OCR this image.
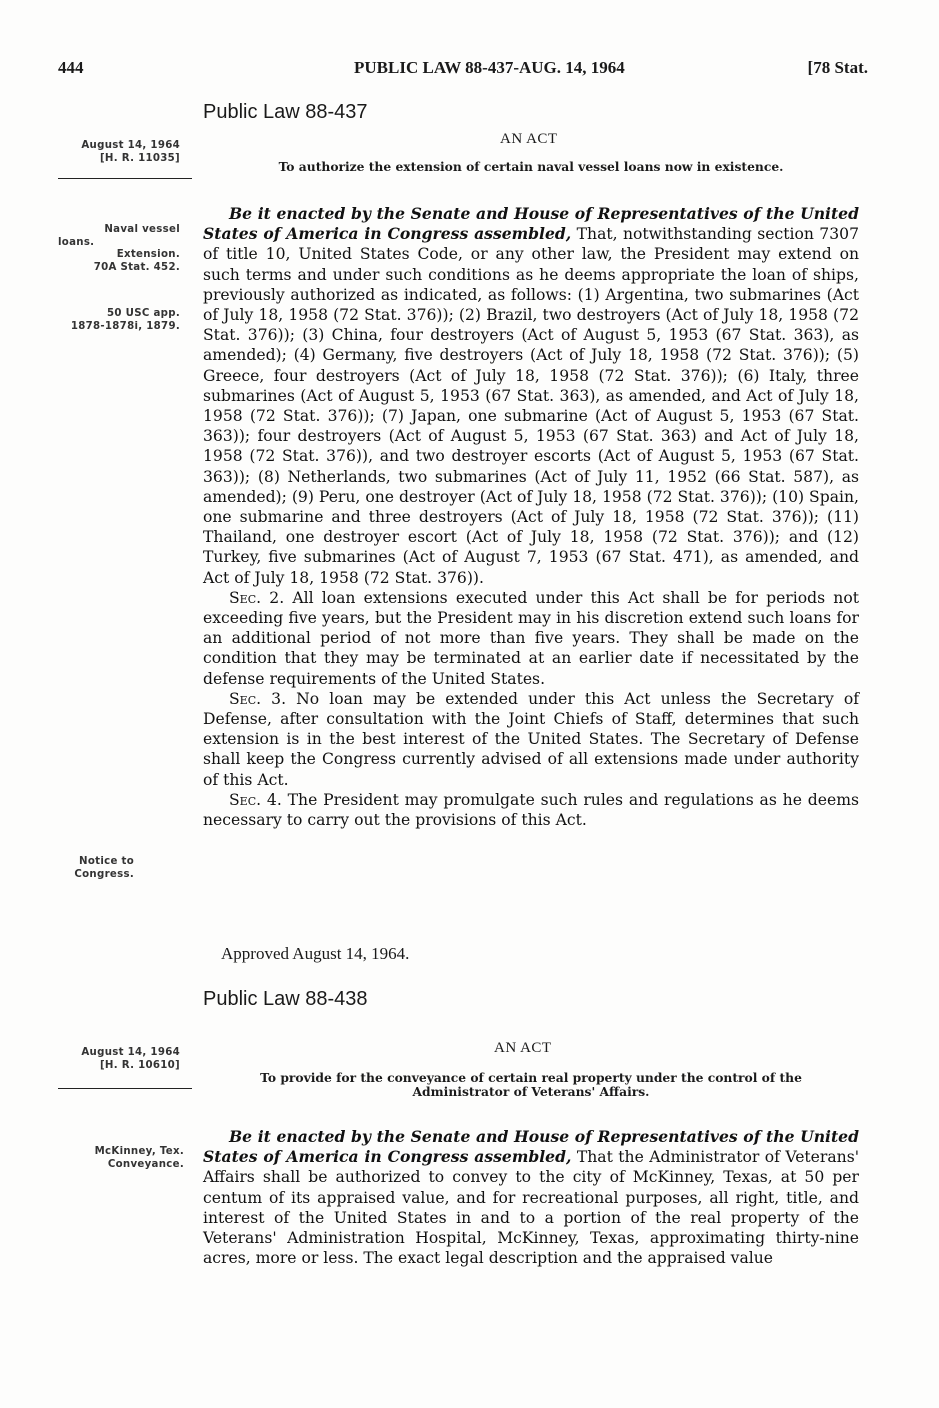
444	PUBLIC LAW 88-437-AUG. 14, 1964	[78 Stat.
Public Law 88-437
August 14, 1964
[H. R. 11035]
AN ACT
To authorize the extension of certain naval vessel loans now in existence.
Naval vessel
loans.
Extension.
70A Stat. 452.
50 USC app.
1878-1878i, 1879.

Be it enacted by the Senate and House of Representatives of the United States of America in Congress assembled, That, notwithstanding section 7307 of title 10, United States Code, or any other law, the President may extend on such terms and under such conditions as he deems appropriate the loan of ships, previously authorized as indicated, as follows: (1) Argentina, two submarines (Act of July 18, 1958 (72 Stat. 376)); (2) Brazil, two destroyers (Act of July 18, 1958 (72 Stat. 376)); (3) China, four destroyers (Act of August 5, 1953 (67 Stat. 363), as amended); (4) Germany, five destroyers (Act of July 18, 1958 (72 Stat. 376)); (5) Greece, four destroyers (Act of July 18, 1958 (72 Stat. 376)); (6) Italy, three submarines (Act of August 5, 1953 (67 Stat. 363), as amended, and Act of July 18, 1958 (72 Stat. 376)); (7) Japan, one submarine (Act of August 5, 1953 (67 Stat. 363)); four destroyers (Act of August 5, 1953 (67 Stat. 363) and Act of July 18, 1958 (72 Stat. 376)), and two destroyer escorts (Act of August 5, 1953 (67 Stat. 363)); (8) Netherlands, two submarines (Act of July 11, 1952 (66 Stat. 587), as amended); (9) Peru, one destroyer (Act of July 18, 1958 (72 Stat. 376)); (10) Spain, one submarine and three destroyers (Act of July 18, 1958 (72 Stat. 376)); (11) Thailand, one destroyer escort (Act of July 18, 1958 (72 Stat. 376)); and (12) Turkey, five submarines (Act of August 7, 1953 (67 Stat. 471), as amended, and Act of July 18, 1958 (72 Stat. 376)).

Sec. 2. All loan extensions executed under this Act shall be for periods not exceeding five years, but the President may in his discretion extend such loans for an additional period of not more than five years. They shall be made on the condition that they may be terminated at an earlier date if necessitated by the defense requirements of the United States.

Sec. 3. No loan may be extended under this Act unless the Secretary of Defense, after consultation with the Joint Chiefs of Staff, determines that such extension is in the best interest of the United States. The Secretary of Defense shall keep the Congress currently advised of all extensions made under authority of this Act.

Sec. 4. The President may promulgate such rules and regulations as he deems necessary to carry out the provisions of this Act.

Notice to
Congress.
Approved August 14, 1964.
Public Law 88-438
August 14, 1964
[H. R. 10610]
AN ACT
To provide for the conveyance of certain real property under the control of the
Administrator of Veterans' Affairs.
McKinney, Tex.
Conveyance.

Be it enacted by the Senate and House of Representatives of the United States of America in Congress assembled, That the Administrator of Veterans' Affairs shall be authorized to convey to the city of McKinney, Texas, at 50 per centum of its appraised value, and for recreational purposes, all right, title, and interest of the United States in and to a portion of the real property of the Veterans' Administration Hospital, McKinney, Texas, approximating thirty-nine acres, more or less. The exact legal description and the appraised value
